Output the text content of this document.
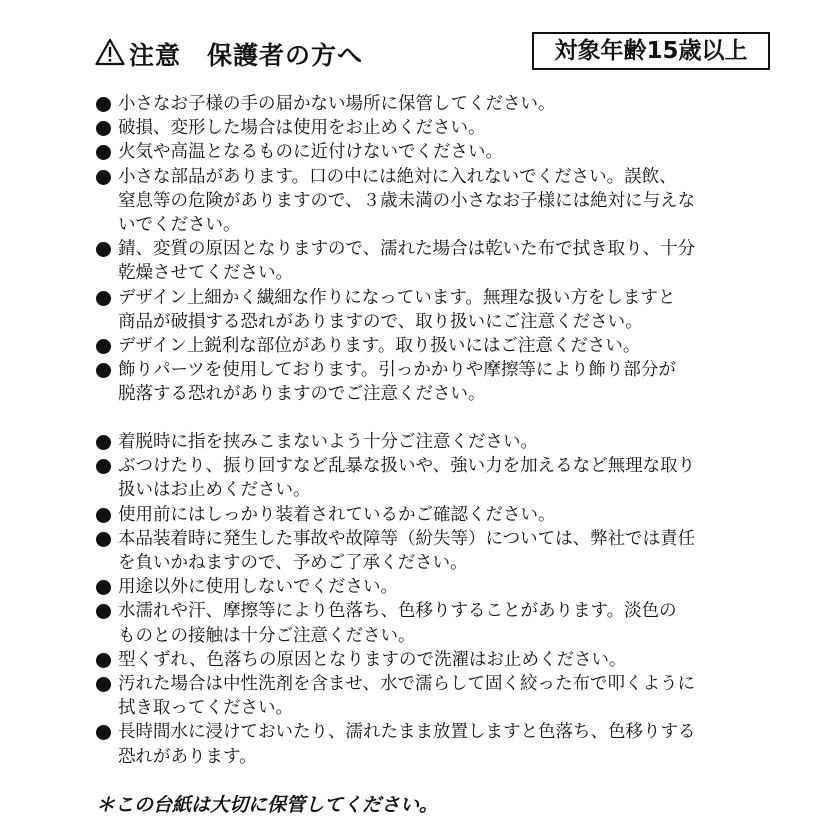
注意 保護者の方へ	対象年齢15歳以上
小さなお子様の手の届かない場所に保管してください。
破損、変形した場合は使用をお止めください。
火気や高温となるものに近付けないでください。
小さな部品があります。口の中には絶対に入れないでください。誤飲、
窒息等の危険がありますので、３歳未満の小さなお子様には絶対に与えな
いでください。
錆、変質の原因となりますので、濡れた場合は乾いた布で拭き取り、十分
乾燥させてください。
デザイン上細かく繊細な作りになっています。無理な扱い方をしますと
商品が破損する恐れがありますので、取り扱いにご注意ください。
デザイン上鋭利な部位があります。取り扱いにはご注意ください。
飾りパーツを使用しております。引っかかりや摩擦等により飾り部分が
脱落する恐れがありますのでご注意ください。
着脱時に指を挟みこまないよう十分ご注意ください。
ぶつけたり、振り回すなど乱暴な扱いや、強い力を加えるなど無理な取り
扱いはお止めください。
使用前にはしっかり装着されているかご確認ください。
本品装着時に発生した事故や故障等（紛失等）については、弊社では責任
を負いかねますので、予めご了承ください。
用途以外に使用しないでください。
水濡れや汗、摩擦等により色落ち、色移りすることがあります。淡色の
ものとの接触は十分ご注意ください。
型くずれ、色落ちの原因となりますので洗濯はお止めください。
汚れた場合は中性洗剤を含ませ、水で濡らして固く絞った布で叩くように
拭き取ってください。
長時間水に浸けておいたり、濡れたまま放置しますと色落ち、色移りする
恐れがあります。
＊この台紙は大切に保管してください。
